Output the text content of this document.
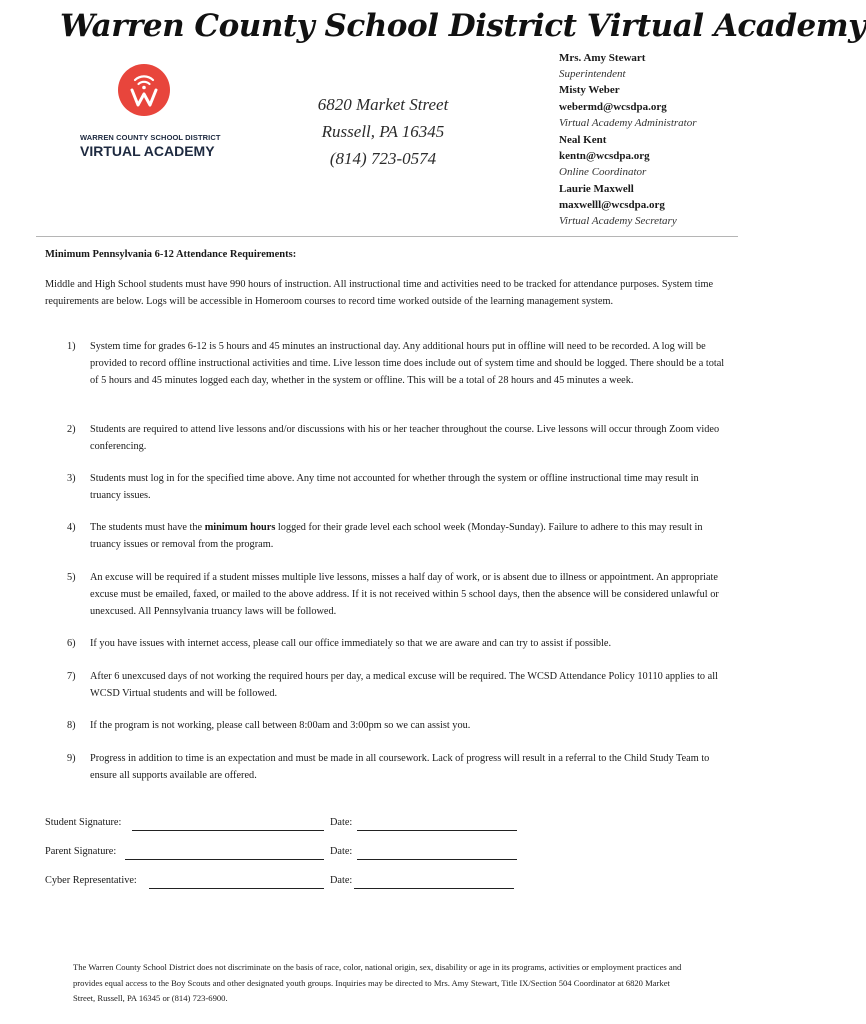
Warren County School District Virtual Academy
WARREN COUNTY SCHOOL DISTRICT
VIRTUAL ACADEMY
6820 Market Street
Russell, PA 16345
(814) 723-0574
Mrs. Amy Stewart
Superintendent
Misty Weber
webermd@wcsdpa.org
Virtual Academy Administrator
Neal Kent
kentn@wcsdpa.org
Online Coordinator
Laurie Maxwell
maxwelll@wcsdpa.org
Virtual Academy Secretary
Minimum Pennsylvania 6-12 Attendance Requirements:
Middle and High School students must have 990 hours of instruction. All instructional time and activities need to be tracked for attendance purposes. System time requirements are below. Logs will be accessible in Homeroom courses to record time worked outside of the learning management system.
1) System time for grades 6-12 is 5 hours and 45 minutes an instructional day. Any additional hours put in offline will need to be recorded. A log will be provided to record offline instructional activities and time. Live lesson time does include out of system time and should be logged. There should be a total of 5 hours and 45 minutes logged each day, whether in the system or offline. This will be a total of 28 hours and 45 minutes a week.
2) Students are required to attend live lessons and/or discussions with his or her teacher throughout the course. Live lessons will occur through Zoom video conferencing.
3) Students must log in for the specified time above. Any time not accounted for whether through the system or offline instructional time may result in truancy issues.
4) The students must have the minimum hours logged for their grade level each school week (Monday-Sunday). Failure to adhere to this may result in truancy issues or removal from the program.
5) An excuse will be required if a student misses multiple live lessons, misses a half day of work, or is absent due to illness or appointment. An appropriate excuse must be emailed, faxed, or mailed to the above address. If it is not received within 5 school days, then the absence will be considered unlawful or unexcused. All Pennsylvania truancy laws will be followed.
6) If you have issues with internet access, please call our office immediately so that we are aware and can try to assist if possible.
7) After 6 unexcused days of not working the required hours per day, a medical excuse will be required. The WCSD Attendance Policy 10110 applies to all WCSD Virtual students and will be followed.
8) If the program is not working, please call between 8:00am and 3:00pm so we can assist you.
9) Progress in addition to time is an expectation and must be made in all coursework. Lack of progress will result in a referral to the Child Study Team to ensure all supports available are offered.
Student Signature:	Date:
Parent Signature:	Date:
Cyber Representative:	Date:
The Warren County School District does not discriminate on the basis of race, color, national origin, sex, disability or age in its programs, activities or employment practices and provides equal access to the Boy Scouts and other designated youth groups. Inquiries may be directed to Mrs. Amy Stewart, Title IX/Section 504 Coordinator at 6820 Market Street, Russell, PA 16345 or (814) 723-6900.
